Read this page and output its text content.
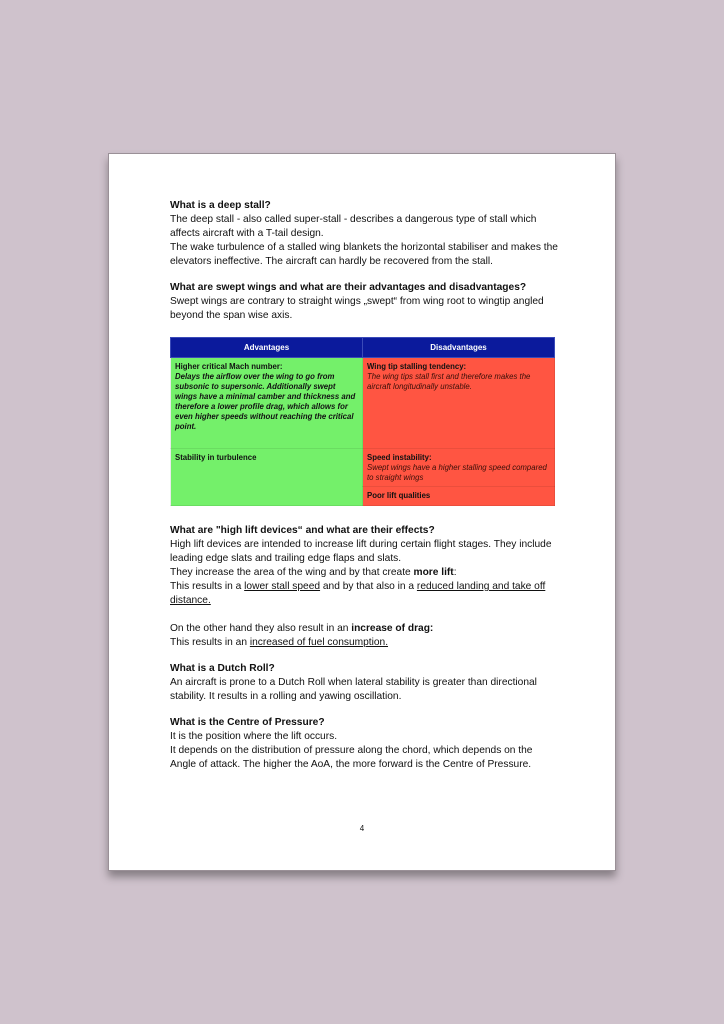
What is a deep stall?

The deep stall - also called super-stall - describes a dangerous type of stall which affects aircraft with a T-tail design.

The wake turbulence of a stalled wing blankets the horizontal stabiliser and makes the elevators ineffective. The aircraft can hardly be recovered from the stall.

What are swept wings and what are their advantages and disadvantages?

Swept wings are contrary to straight wings „swept“ from wing root to wingtip angled beyond the span wise axis.

Advantages	Disadvantages

Higher critical Mach number:
Delays the airflow over the wing to go from subsonic to supersonic. Additionally swept wings have a minimal camber and thickness and therefore a lower profile drag, which allows for even higher speeds without reaching the critical point.	Wing tip stalling tendency:
The wing tips stall first and therefore makes the aircraft longitudinally unstable.

Stability in turbulence	Speed instability:
Swept wings have a higher stalling speed compared to straight wings

	Poor lift qualities

What are "high lift devices“ and what are their effects?

High lift devices are intended to increase lift during certain flight stages. They include leading edge slats and trailing edge flaps and slats.

They increase the area of the wing and by that create more lift:

This results in a lower stall speed and by that also in a reduced landing and take off distance.

On the other hand they also result in an increase of drag:

This results in an increased of fuel consumption.

What is a Dutch Roll?

An aircraft is prone to a Dutch Roll when lateral stability is greater than directional stability. It results in a rolling and yawing oscillation.

What is the Centre of Pressure?

It is the position where the lift occurs.

It depends on the distribution of pressure along the chord, which depends on the Angle of attack. The higher the AoA, the more forward is the Centre of Pressure.

4
